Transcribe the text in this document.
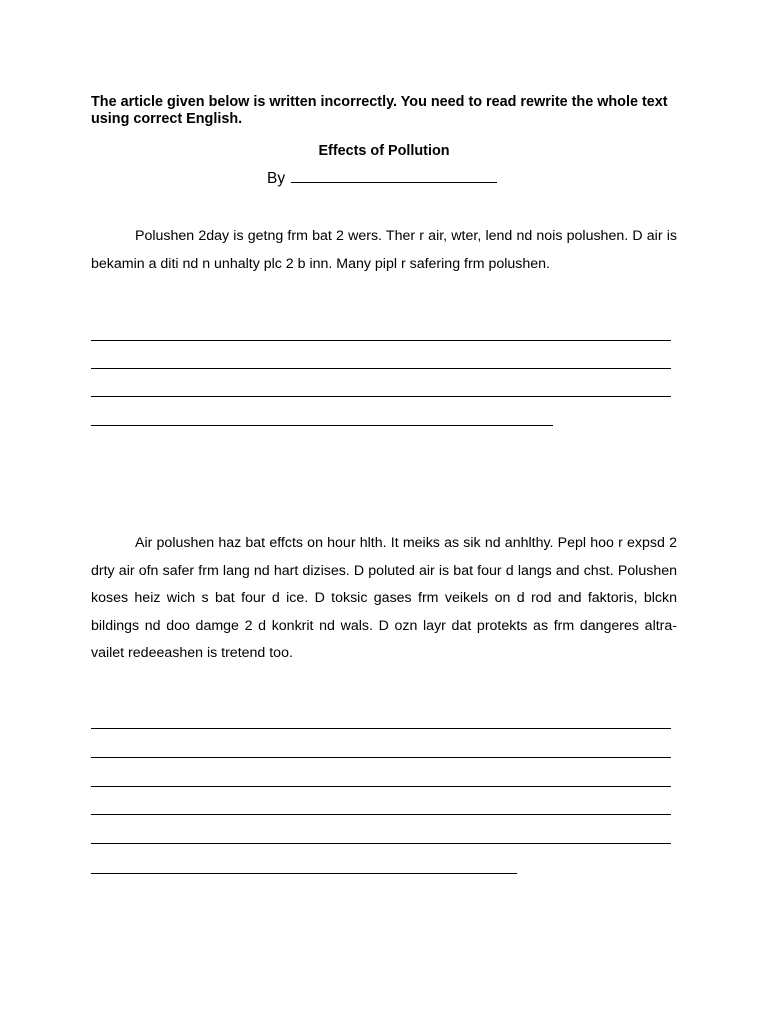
The article given below is written incorrectly. You need to read rewrite the whole text using correct English.

Effects of Pollution
By

Polushen 2day is getng frm bat 2 wers. Ther r air, wter, lend nd nois polushen. D air is bekamin a diti nd n unhalty plc 2 b inn. Many pipl r safering frm polushen.

Air polushen haz bat effcts on hour hlth. It meiks as sik nd anhlthy. Pepl hoo r expsd 2 drty air ofn safer frm lang nd hart dizises. D poluted air is bat four d langs and chst. Polushen koses heiz wich s bat four d ice. D toksic gases frm veikels on d rod and faktoris, blckn bildings nd doo damge 2 d konkrit nd wals. D ozn layr dat protekts as frm dangeres altra-vailet redeeashen is tretend too.
